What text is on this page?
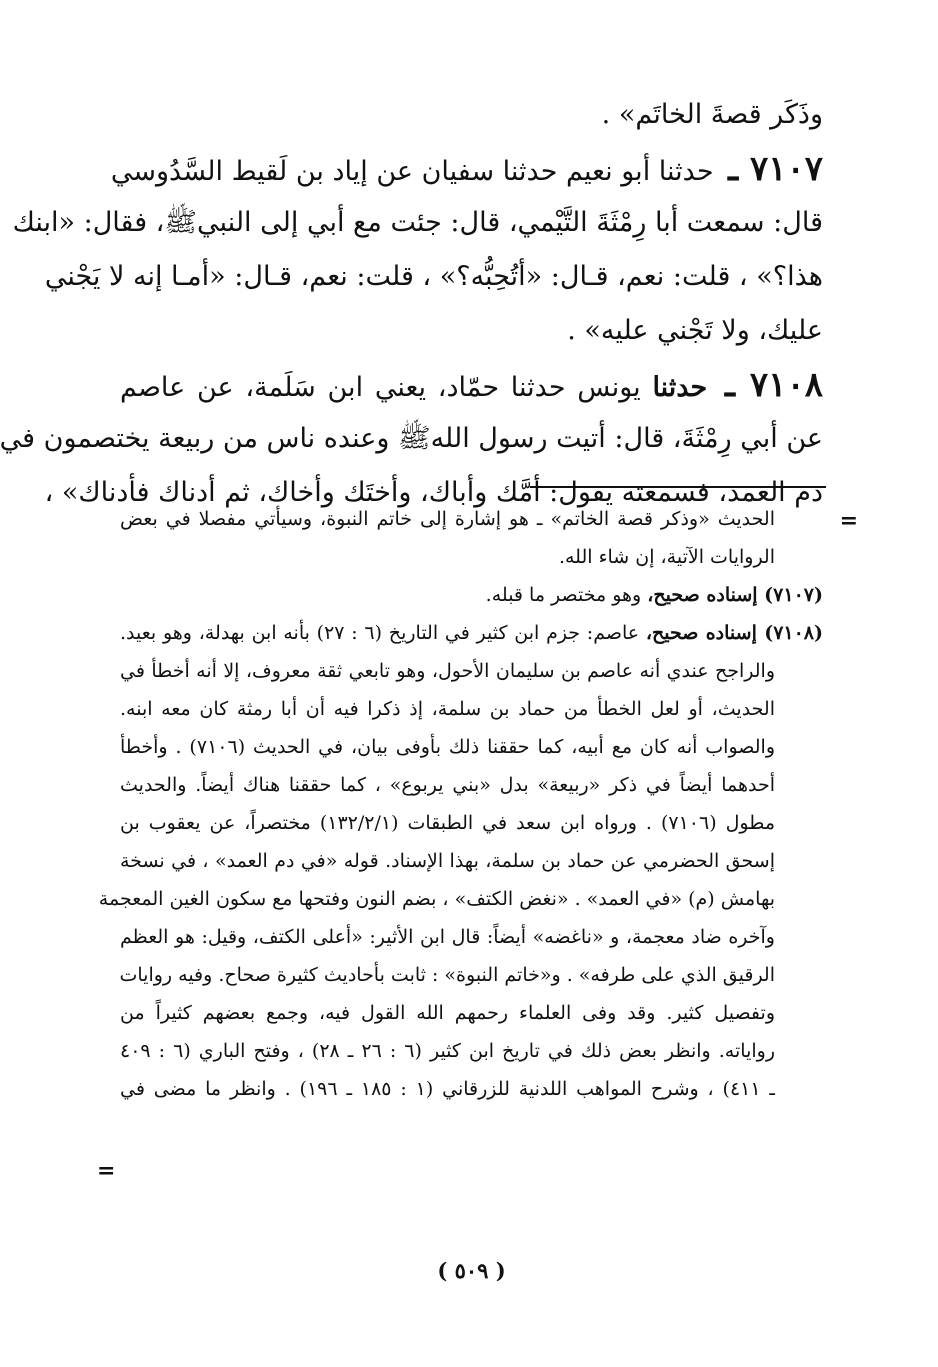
وذَكَر قصةَ الخاتَم» .
٧١٠٧ ـ حدثنا أبو نعيم حدثنا سفيان عن إياد بن لَقيط السَّدُوسي
قال: سمعت أبا رِمْثَةَ التَّيْمي، قال: جئت مع أبي إلى النبيﷺ، فقال: «ابنك
هذا؟» ، قلت: نعم، قـال: «أتُحِبُّه؟» ، قلت: نعم، قـال: «أمـا إنه لا يَجْني
عليك، ولا تَجْني عليه» .
٧١٠٨ ـ حدثنا يونس حدثنا حمّاد، يعني ابن سَلَمة، عن عاصم
عن أبي رِمْثَةَ، قال: أتيت رسول اللهﷺ وعنده ناس من ربيعة يختصمون في
دم العمد، فسمعته يقول: أمَّك وأباك، وأختَك وأخاك، ثم أدناك فأدناك» ،
=
الحديث «وذكر قصة الخاتم» ـ هو إشارة إلى خاتم النبوة، وسيأتي مفصلا في بعض
الروايات الآتية، إن شاء الله.
(٧١٠٧) إسناده صحيح، وهو مختصر ما قبله.
(٧١٠٨) إسناده صحيح، عاصم: جزم ابن كثير في التاريخ (٦ : ٢٧) بأنه ابن بهدلة، وهو بعيد.
والراجح عندي أنه عاصم بن سليمان الأحول، وهو تابعي ثقة معروف، إلا أنه أخطأ في
الحديث، أو لعل الخطأ من حماد بن سلمة، إذ ذكرا فيه أن أبا رمثة كان معه ابنه.
والصواب أنه كان مع أبيه، كما حققنا ذلك بأوفى بيان، في الحديث (٧١٠٦) . وأخطأ
أحدهما أيضاً في ذكر «ربيعة» بدل «بني يربوع» ، كما حققنا هناك أيضاً. والحديث
مطول (٧١٠٦) . ورواه ابن سعد في الطبقات (١٣٢/٢/١) مختصراً، عن يعقوب بن
إسحق الحضرمي عن حماد بن سلمة، بهذا الإسناد. قوله «في دم العمد» ، في نسخة
بهامش (م) «في العمد» . «نغض الكتف» ، بضم النون وفتحها مع سكون الغين المعجمة
وآخره ضاد معجمة، و «ناغضه» أيضاً: قال ابن الأثير: «أعلى الكتف، وقيل: هو العظم
الرقيق الذي على طرفه» . و«خاتم النبوة» : ثابت بأحاديث كثيرة صحاح. وفيه روايات
وتفصيل كثير. وقد وفى العلماء رحمهم الله القول فيه، وجمع بعضهم كثيراً من
رواياته. وانظر بعض ذلك في تاريخ ابن كثير (٦ : ٢٦ ـ ٢٨) ، وفتح الباري (٦ : ٤٠٩
ـ ٤١١) ، وشرح المواهب اللدنية للزرقاني (١ : ١٨٥ ـ ١٩٦) . وانظر ما مضى في
=
( ٥٠٩ )
